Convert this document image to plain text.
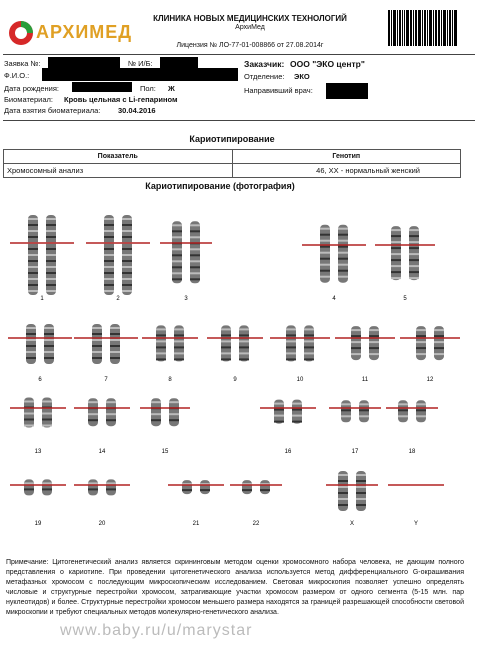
АРХИМЕД
КЛИНИКА НОВЫХ МЕДИЦИНСКИХ ТЕХНОЛОГИЙ
АрхиМед
Лицензия № ЛО-77-01-008866 от 27.08.2014г
Заявка №:	№ И/Б:
Ф.И.О.:
Дата рождения:	Пол: Ж
Биоматериал: Кровь цельная с Li-гепарином
Дата взятия биоматериала: 30.04.2016
Заказчик: ООО "ЭКО центр"
Отделение: ЭКО
Направивший врач:
Кариотипирование
Показатель	Генотип
Хромосомный анализ	46, XX - нормальный женский
Кариотипирование (фотография)
1	2	3	4	5
6	7	8	9	10	11	12
13	14	15	16	17	18
19	20	21	22	X	Y
Примечание: Цитогенетический анализ является скрининговым методом оценки хромосомного набора человека, не дающим полного представления о кариотипе. При проведении цитогенетического анализа используется метод дифференциального G-окрашивания метафазных хромосом с последующим микроскопическим исследованием. Световая микроскопия позволяет успешно определять числовые и структурные перестройки хромосом, затрагивающие участки хромосом размером от одного сегмента (5-15 млн. пар нуклеотидов) и более. Структурные перестройки хромосом меньшего размера находятся за границей разрешающей способности световой микроскопии и требуют специальных методов молекулярно-генетического анализа.
www.baby.ru/u/marystar
